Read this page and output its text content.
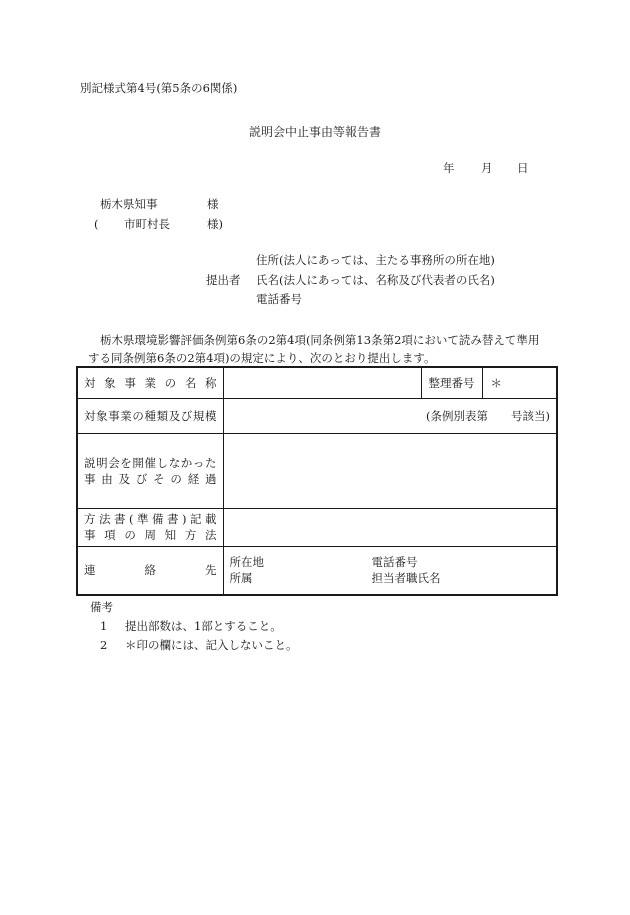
別記様式第4号(第5条の6関係)
説明会中止事由等報告書
年 月 日
栃木県知事	様
( 市町村長	様)
住所(法人にあっては、主たる事務所の所在地)
提出者 氏名(法人にあっては、名称及び代表者の氏名)
電話番号
栃木県環境影響評価条例第6条の2第4項(同条例第13条第2項において読み替えて準用
する同条例第6条の2第4項)の規定により、次のとおり提出します。
対象事業の名称		整理番号	＊
対象事業の種類及び規模	(条例別表第　　号該当)		

説明会を開催しなかった
事由及びその経過			

方法書(準備書)記載
事項の周知方法			

連絡先	所在地 電話番号
所属 担当者職氏名		
備考
1 提出部数は、1部とすること。
2 ＊印の欄には、記入しないこと。
